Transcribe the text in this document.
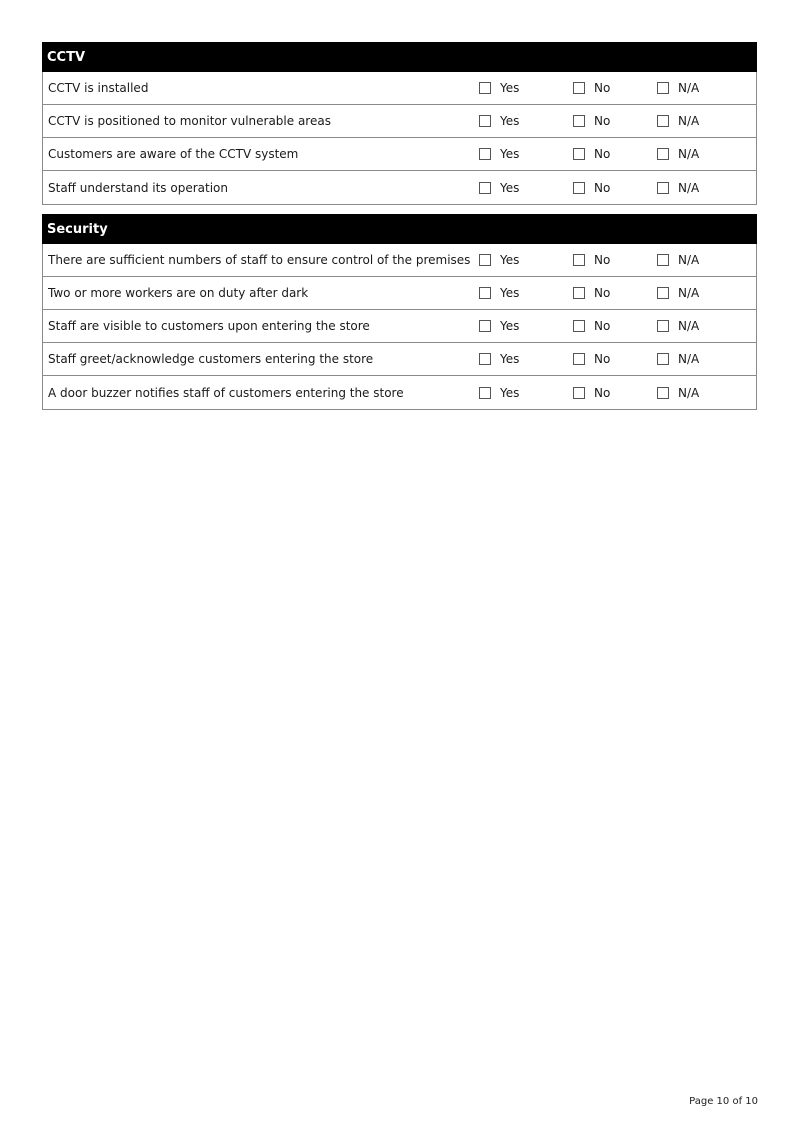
CCTV
CCTV is installed	Yes	No	N/A
CCTV is positioned to monitor vulnerable areas	Yes	No	N/A
Customers are aware of the CCTV system	Yes	No	N/A
Staff understand its operation	Yes	No	N/A
Security
There are sufficient numbers of staff to ensure control of the premises	Yes	No	N/A
Two or more workers are on duty after dark	Yes	No	N/A
Staff are visible to customers upon entering the store	Yes	No	N/A
Staff greet/acknowledge customers entering the store	Yes	No	N/A
A door buzzer notifies staff of customers entering the store	Yes	No	N/A
Page 10 of 10
